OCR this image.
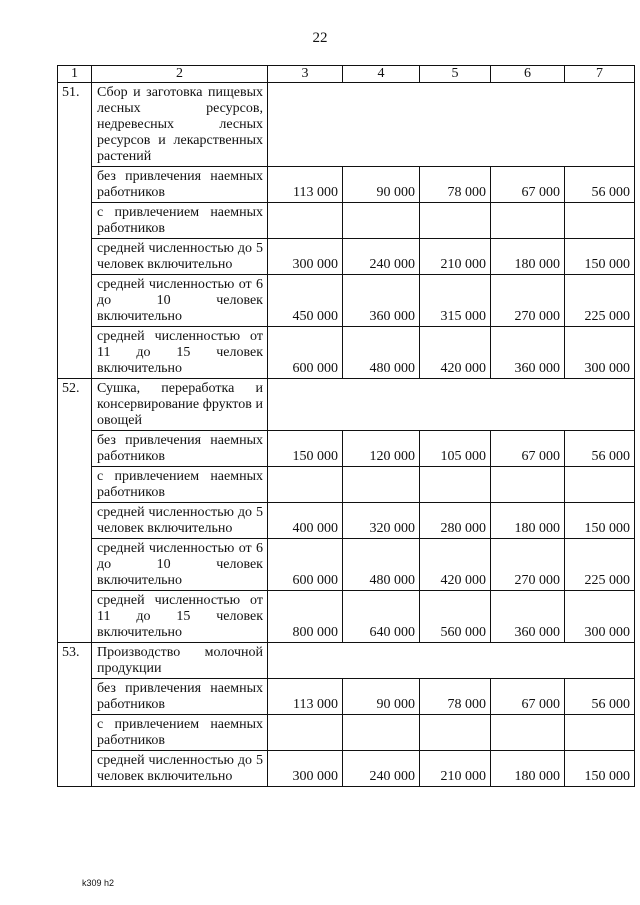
22
1	2	3	4	5	6	7
51.	Сбор и заготовка пищевых лесных ресурсов, недревесных лесных ресурсов и лекарственных растений					
	без привлечения наемных работников	113 000	90 000	78 000	67 000	56 000
	с привлечением наемных работников					
	средней численностью до 5 человек включительно	300 000	240 000	210 000	180 000	150 000
	средней численностью от 6 до 10 человек включительно	450 000	360 000	315 000	270 000	225 000
	средней численностью от 11 до 15 человек включительно	600 000	480 000	420 000	360 000	300 000
52.	Сушка, переработка и консервирование фруктов и овощей					
	без привлечения наемных работников	150 000	120 000	105 000	67 000	56 000
	с привлечением наемных работников					
	средней численностью до 5 человек включительно	400 000	320 000	280 000	180 000	150 000
	средней численностью от 6 до 10 человек включительно	600 000	480 000	420 000	270 000	225 000
	средней численностью от 11 до 15 человек включительно	800 000	640 000	560 000	360 000	300 000
53.	Производство молочной продукции					
	без привлечения наемных работников	113 000	90 000	78 000	67 000	56 000
	с привлечением наемных работников					
	средней численностью до 5 человек включительно	300 000	240 000	210 000	180 000	150 000
k309 h2
